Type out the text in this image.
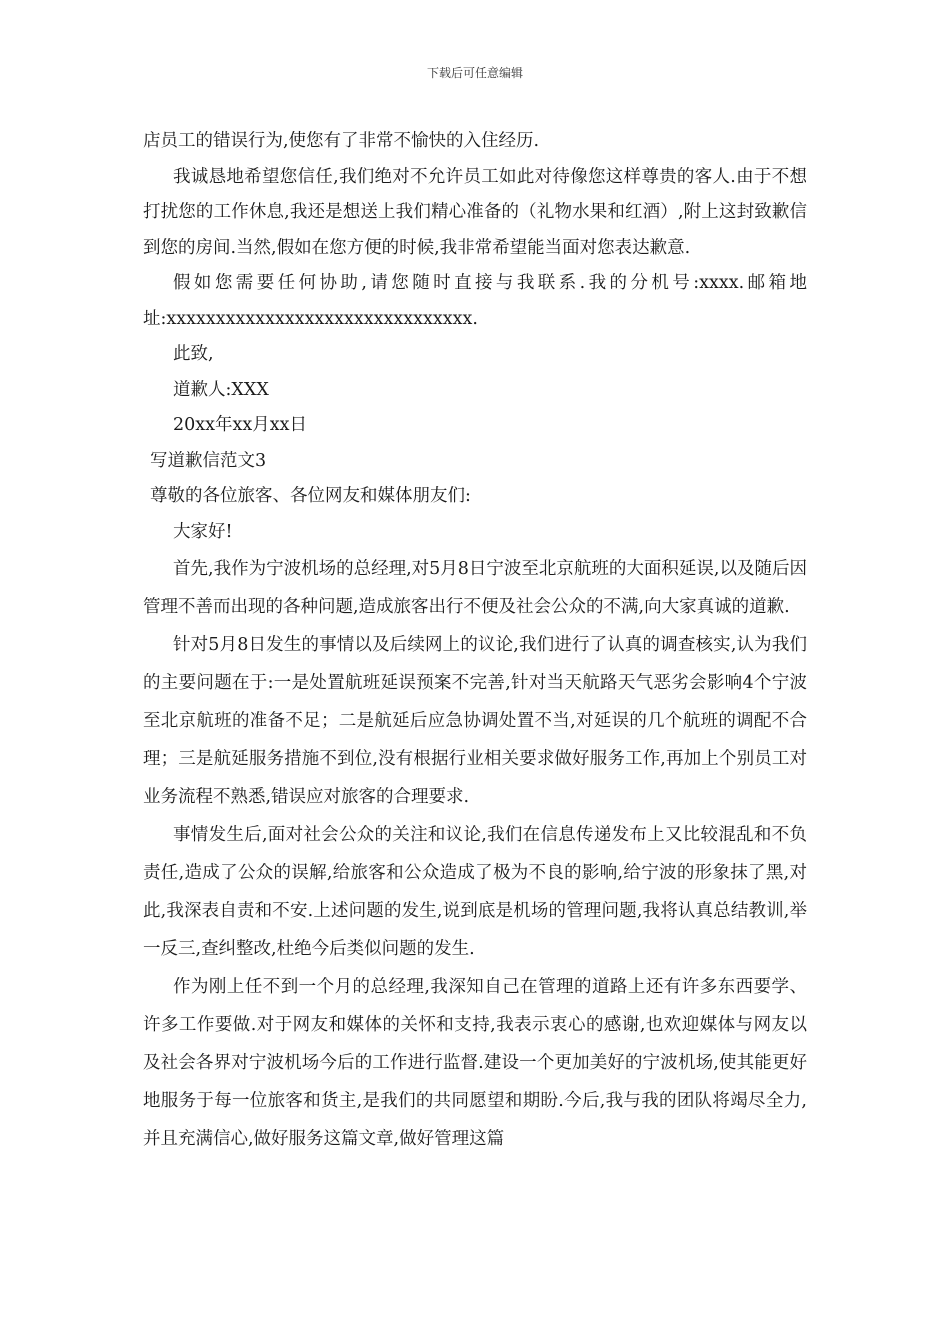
下载后可任意编辑

店员工的错误行为,使您有了非常不愉快的入住经历.

我诚恳地希望您信任,我们绝对不允许员工如此对待像您这样尊贵的客人.由于不想打扰您的工作休息,我还是想送上我们精心准备的（礼物水果和红酒）,附上这封致歉信到您的房间.当然,假如在您方便的时候,我非常希望能当面对您表达歉意.

假如您需要任何协助,请您随时直接与我联系.我的分机号:xxxx.邮箱地址:xxxxxxxxxxxxxxxxxxxxxxxxxxxxxxx.

此致,

道歉人:XXX

20xx年xx月xx日

写道歉信范文3

尊敬的各位旅客、各位网友和媒体朋友们:

大家好!

首先,我作为宁波机场的总经理,对5月8日宁波至北京航班的大面积延误,以及随后因管理不善而出现的各种问题,造成旅客出行不便及社会公众的不满,向大家真诚的道歉.

针对5月8日发生的事情以及后续网上的议论,我们进行了认真的调查核实,认为我们的主要问题在于:一是处置航班延误预案不完善,针对当天航路天气恶劣会影响4个宁波至北京航班的准备不足；二是航延后应急协调处置不当,对延误的几个航班的调配不合理；三是航延服务措施不到位,没有根据行业相关要求做好服务工作,再加上个别员工对业务流程不熟悉,错误应对旅客的合理要求.

事情发生后,面对社会公众的关注和议论,我们在信息传递发布上又比较混乱和不负责任,造成了公众的误解,给旅客和公众造成了极为不良的影响,给宁波的形象抹了黑,对此,我深表自责和不安.上述问题的发生,说到底是机场的管理问题,我将认真总结教训,举一反三,查纠整改,杜绝今后类似问题的发生.

作为刚上任不到一个月的总经理,我深知自己在管理的道路上还有许多东西要学、许多工作要做.对于网友和媒体的关怀和支持,我表示衷心的感谢,也欢迎媒体与网友以及社会各界对宁波机场今后的工作进行监督.建设一个更加美好的宁波机场,使其能更好地服务于每一位旅客和货主,是我们的共同愿望和期盼.今后,我与我的团队将竭尽全力,并且充满信心,做好服务这篇文章,做好管理这篇
